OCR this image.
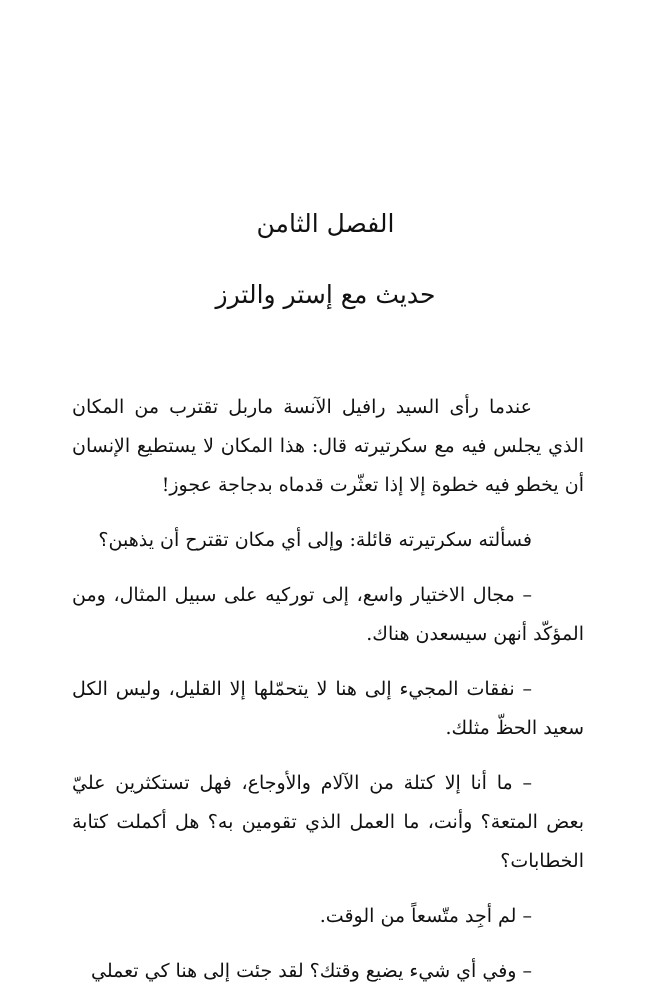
الفصل الثامن
حديث مع إستر والترز

عندما رأى السيد رافيل الآنسة ماربل تقترب من المكان الذي يجلس فيه مع سكرتيرته قال: هذا المكان لا يستطيع الإنسان أن يخطو فيه خطوة إلا إذا تعثّرت قدماه بدجاجة عجوز!

فسألته سكرتيرته قائلة: وإلى أي مكان تقترح أن يذهبن؟

– مجال الاختيار واسع، إلى توركيه على سبيل المثال، ومن المؤكّد أنهن سيسعدن هناك.

– نفقات المجيء إلى هنا لا يتحمّلها إلا القليل، وليس الكل سعيد الحظّ مثلك.

– ما أنا إلا كتلة من الآلام والأوجاع، فهل تستكثرين عليّ بعض المتعة؟ وأنت، ما العمل الذي تقومين به؟ هل أكملت كتابة الخطابات؟

– لم أجِد متّسعاً من الوقت.

– وفي أي شيء يضيع وقتك؟ لقد جئت إلى هنا كي تعملي
